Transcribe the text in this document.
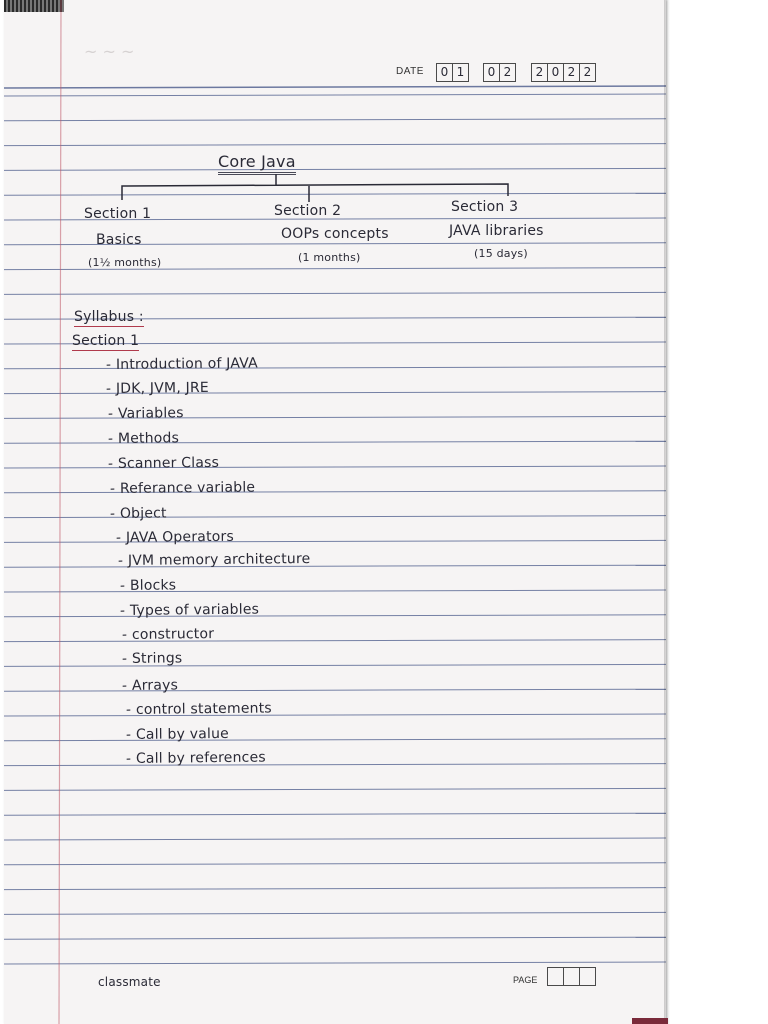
~ ~ ~
DATE	0 1	0 2	2 0 2 2
Core Java
Section 1
Basics
(1½ months)
Section 2
OOPs concepts
(1 months)
Section 3
JAVA libraries
(15 days)
Syllabus :
Section 1
- Introduction of JAVA
- JDK, JVM, JRE
- Variables
- Methods
- Scanner Class
- Referance variable
- Object
- JAVA Operators
- JVM memory architecture
- Blocks
- Types of variables
- constructor
- Strings
- Arrays
- control statements
- Call by value
- Call by references
classmate	PAGE
